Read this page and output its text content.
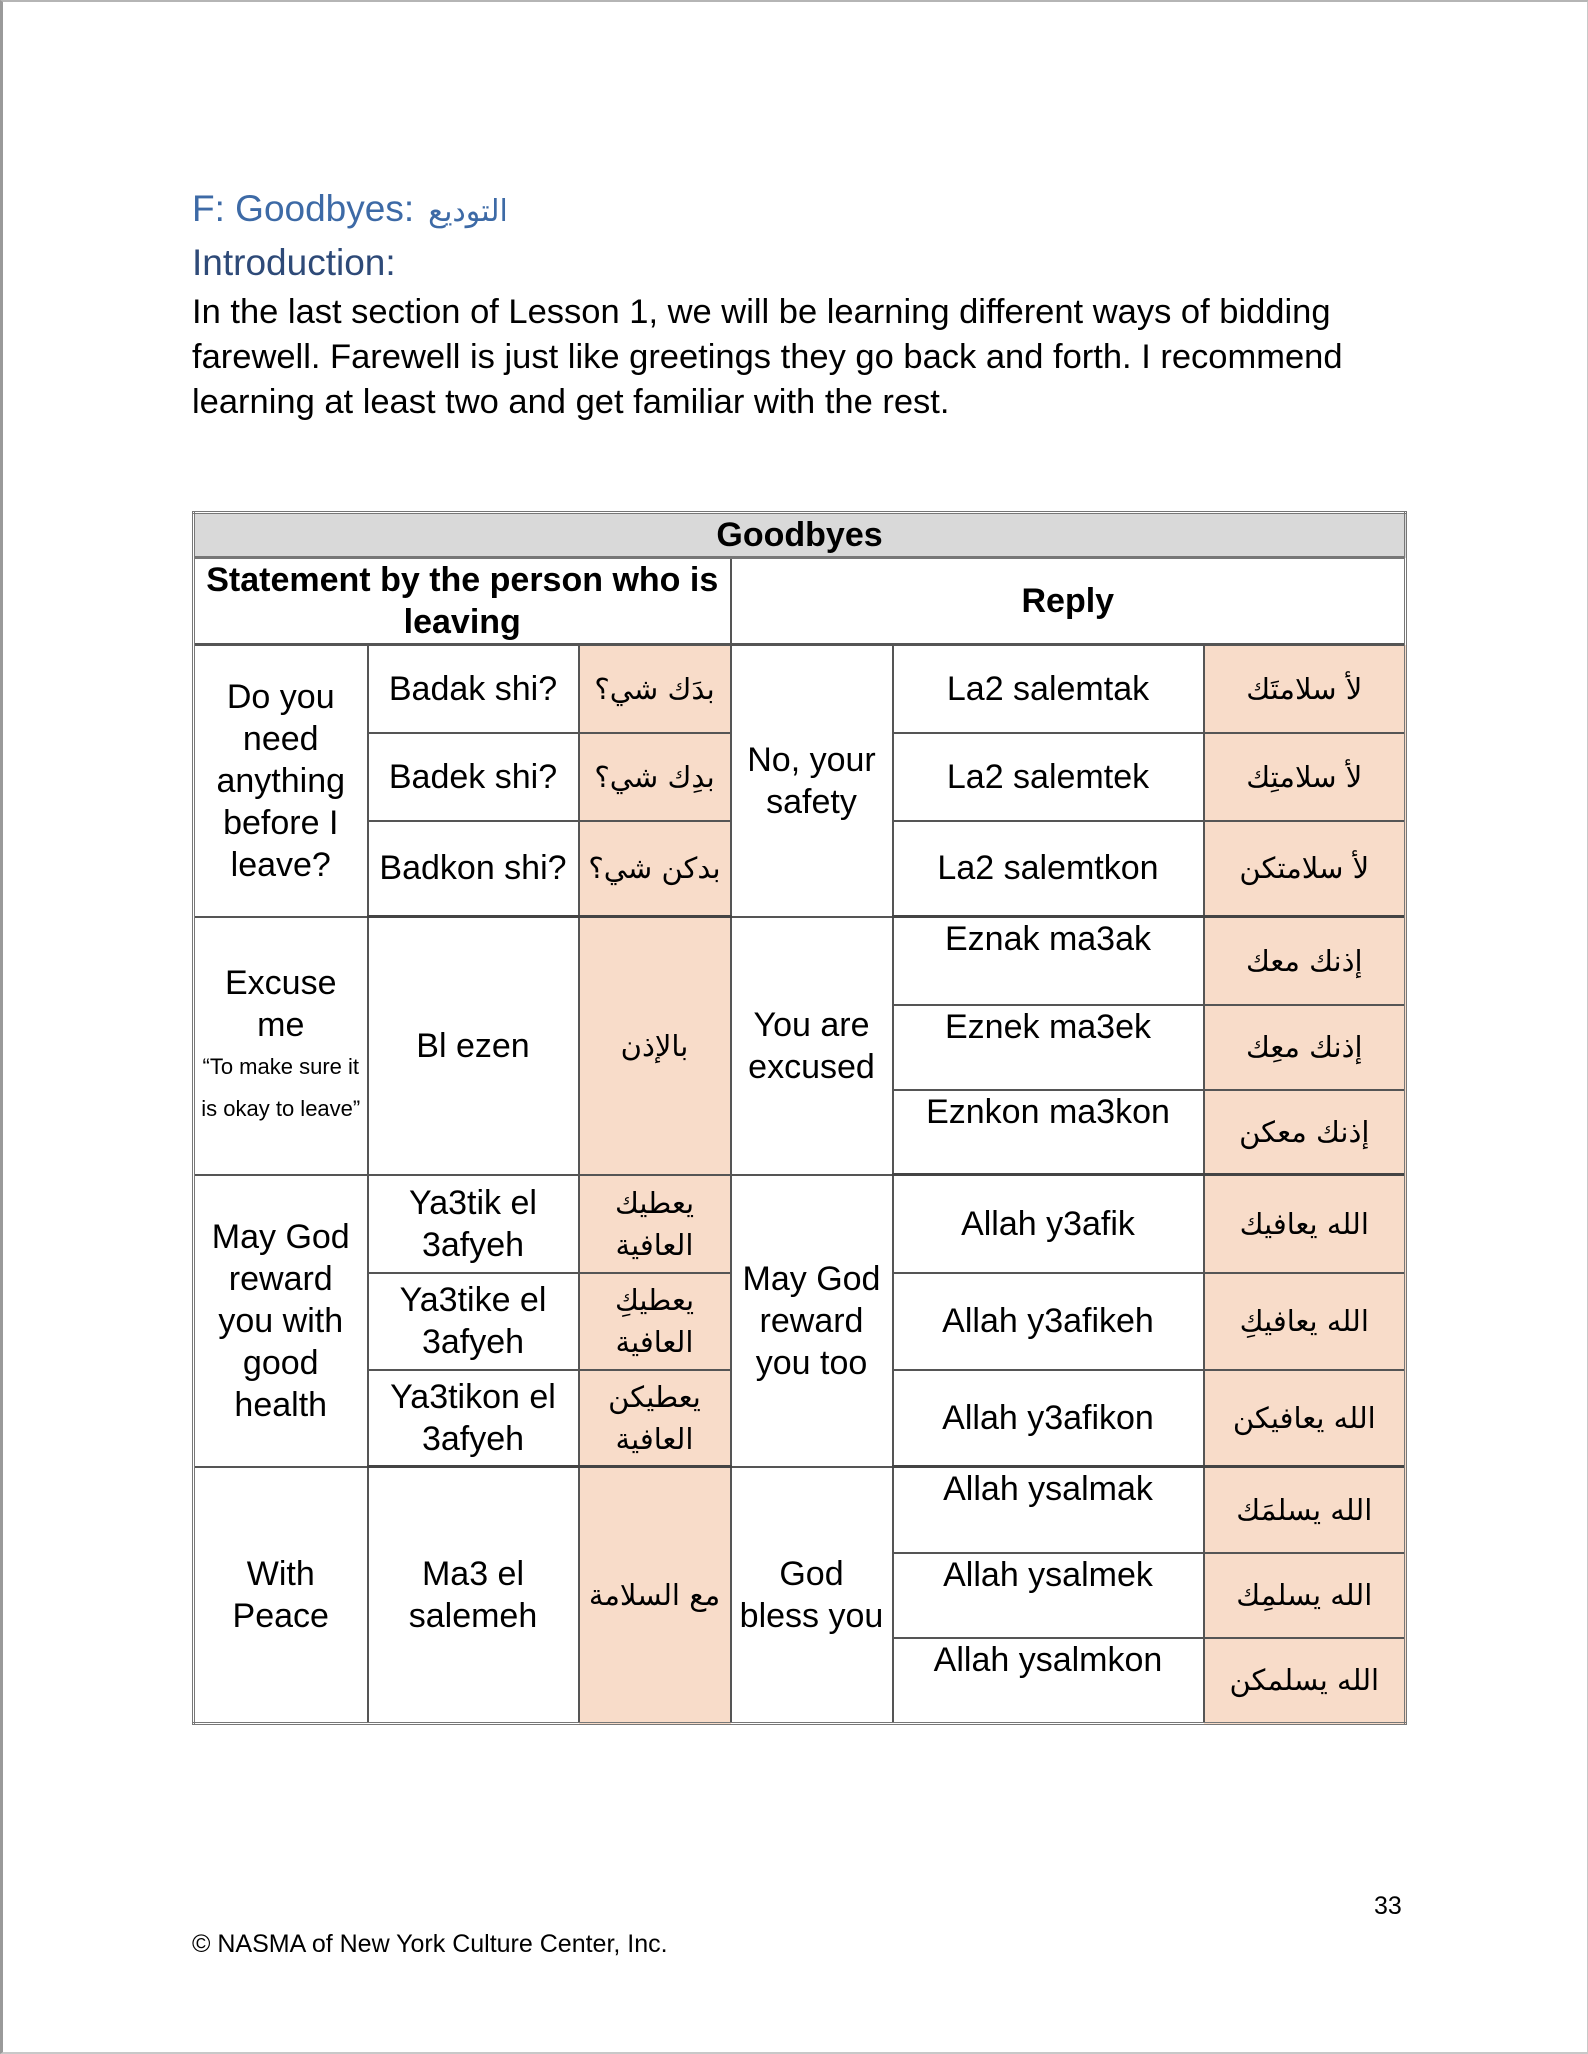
F: Goodbyes: التوديع
Introduction:
In the last section of Lesson 1, we will be learning different ways of bidding farewell. Farewell is just like greetings they go back and forth. I recommend learning at least two and get familiar with the rest.
Goodbyes					
Statement by the person who is leaving			Reply		
Do you need anything before I leave?	Badak shi?	بدَك شي؟	No, your safety	La2 salemtak	لأ سلامتَك
	Badek shi?	بدِك شي؟		La2 salemtek	لأ سلامتِك
	Badkon shi?	بدكن شي؟		La2 salemtkon	لأ سلامتكن

Excuse me
“To make sure it is okay to leave”	Bl ezen	بالإذن	You are excused	Eznak ma3ak	إذنك معك
				Eznek ma3ek	إذنك معِك
				Eznkon ma3kon	إذنك معكن
May God reward you with good health	Ya3tik el 3afyeh	يعطيك العافية	May God reward you too	Allah y3afik	الله يعافيك
	Ya3tike el 3afyeh	يعطيكِ العافية		Allah y3afikeh	الله يعافيكِ
	Ya3tikon el 3afyeh	يعطيكن العافية		Allah y3afikon	الله يعافيكن
With Peace	Ma3 el salemeh	مع السلامة	God bless you	Allah ysalmak	الله يسلمَك
				Allah ysalmek	الله يسلمِك
				Allah ysalmkon	الله يسلمكن
33
© NASMA of New York Culture Center, Inc.
